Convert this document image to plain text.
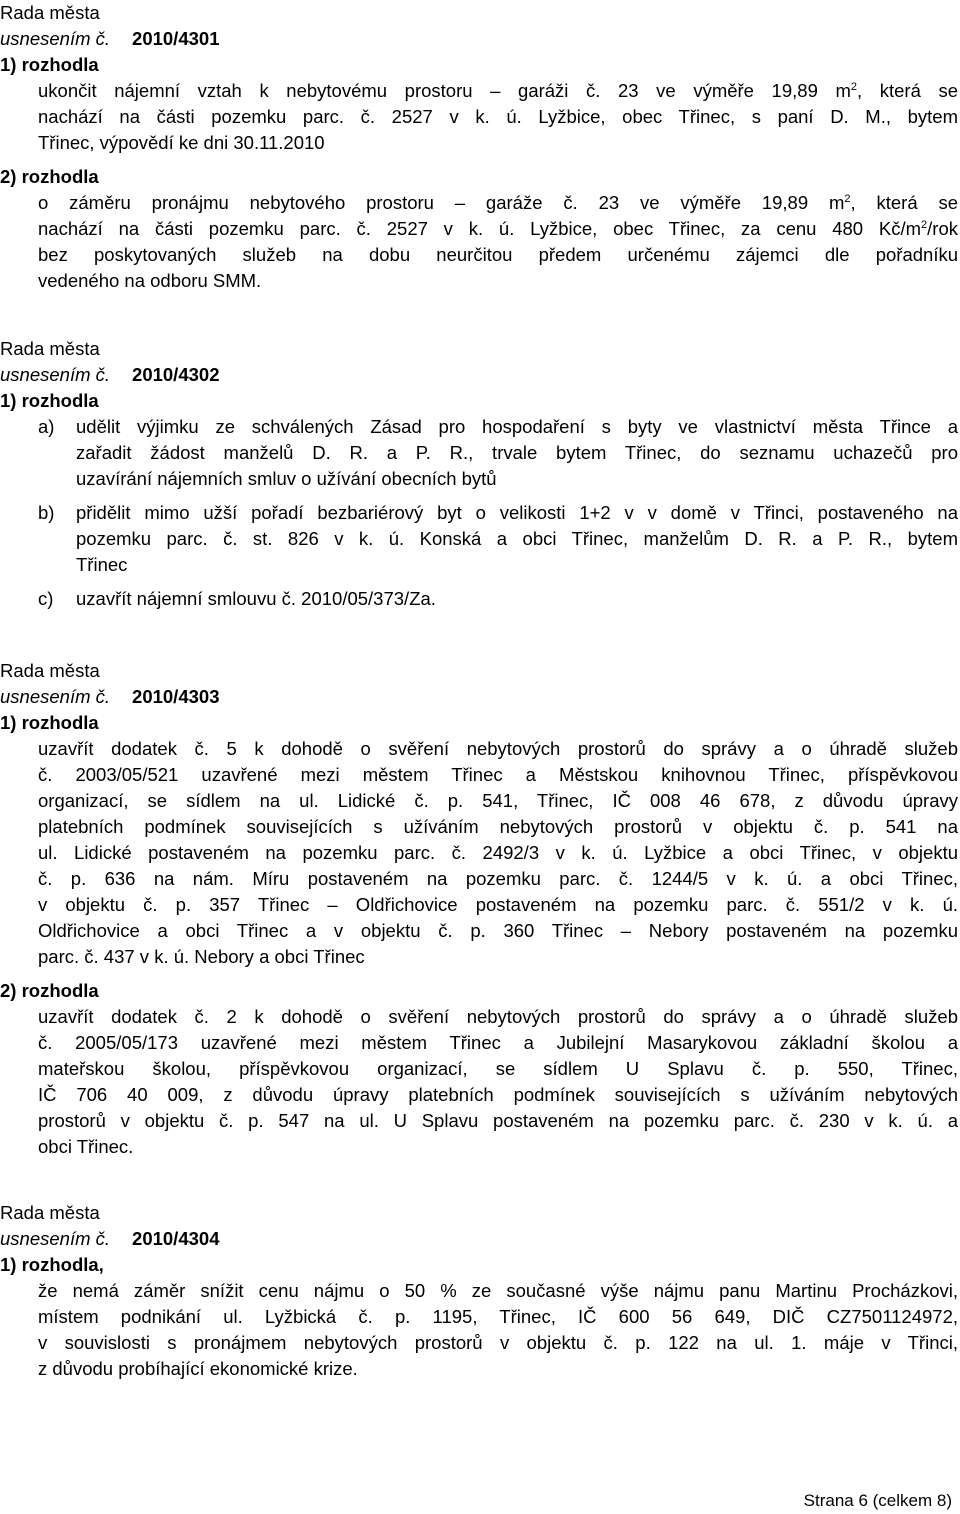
Strana 6 (celkem 8)
Rada města
usnesením č. 2010/4301
1) rozhodla
ukončit nájemní vztah k nebytovému prostoru – garáži č. 23 ve výměře 19,89 $m^2$, která se
nachází na části pozemku parc. č. 2527 v k. ú. Lyžbice, obec Třinec, s paní D. M., bytem
Třinec, výpovědí ke dni 30.11.2010
2) rozhodla
o záměru pronájmu nebytového prostoru – garáže č. 23 ve výměře 19,89 $m^2$, která se
nachází na části pozemku parc. č. 2527 v k. ú. Lyžbice, obec Třinec, za cenu 480 $Kč/m^2$/rok
bez poskytovaných služeb na dobu neurčitou předem určenému zájemci dle pořadníku
vedeného na odboru SMM.
Rada města
usnesením č. 2010/4302
1) rozhodla
a)	udělit výjimku ze schválených Zásad pro hospodaření s byty ve vlastnictví města Třince a
zařadit žádost manželů D. R. a P. R., trvale bytem Třinec, do seznamu uchazečů pro
uzavírání nájemních smluv o užívání obecních bytů
b)	přidělit mimo užší pořadí bezbariérový byt o velikosti 1+2 v v domě v Třinci, postaveného na
pozemku parc. č. st. 826 v k. ú. Konská a obci Třinec, manželům D. R. a P. R., bytem
Třinec
c)	uzavřít nájemní smlouvu č. 2010/05/373/Za.
Rada města
usnesením č. 2010/4303
1) rozhodla
uzavřít dodatek č. 5 k dohodě o svěření nebytových prostorů do správy a o úhradě služeb
č. 2003/05/521 uzavřené mezi městem Třinec a Městskou knihovnou Třinec, příspěvkovou
organizací, se sídlem na ul. Lidické č. p. 541, Třinec, IČ 008 46 678, z důvodu úpravy
platebních podmínek souvisejících s užíváním nebytových prostorů v objektu č. p. 541 na
ul. Lidické postaveném na pozemku parc. č. 2492/3 v k. ú. Lyžbice a obci Třinec, v objektu
č. p. 636 na nám. Míru postaveném na pozemku parc. č. 1244/5 v k. ú. a obci Třinec,
v objektu č. p. 357 Třinec – Oldřichovice postaveném na pozemku parc. č. 551/2 v k. ú.
Oldřichovice a obci Třinec a v objektu č. p. 360 Třinec – Nebory postaveném na pozemku
parc. č. 437 v k. ú. Nebory a obci Třinec
2) rozhodla
uzavřít dodatek č. 2 k dohodě o svěření nebytových prostorů do správy a o úhradě služeb
č. 2005/05/173 uzavřené mezi městem Třinec a Jubilejní Masarykovou základní školou a
mateřskou školou, příspěvkovou organizací, se sídlem U Splavu č. p. 550, Třinec,
IČ 706 40 009, z důvodu úpravy platebních podmínek souvisejících s užíváním nebytových
prostorů v objektu č. p. 547 na ul. U Splavu postaveném na pozemku parc. č. 230 v k. ú. a
obci Třinec.
Rada města
usnesením č. 2010/4304
1) rozhodla,
že nemá záměr snížit cenu nájmu o 50 % ze současné výše nájmu panu Martinu Procházkovi,
místem podnikání ul. Lyžbická č. p. 1195, Třinec, IČ 600 56 649, DIČ CZ7501124972,
v souvislosti s pronájmem nebytových prostorů v objektu č. p. 122 na ul. 1. máje v Třinci,
z důvodu probíhající ekonomické krize.
